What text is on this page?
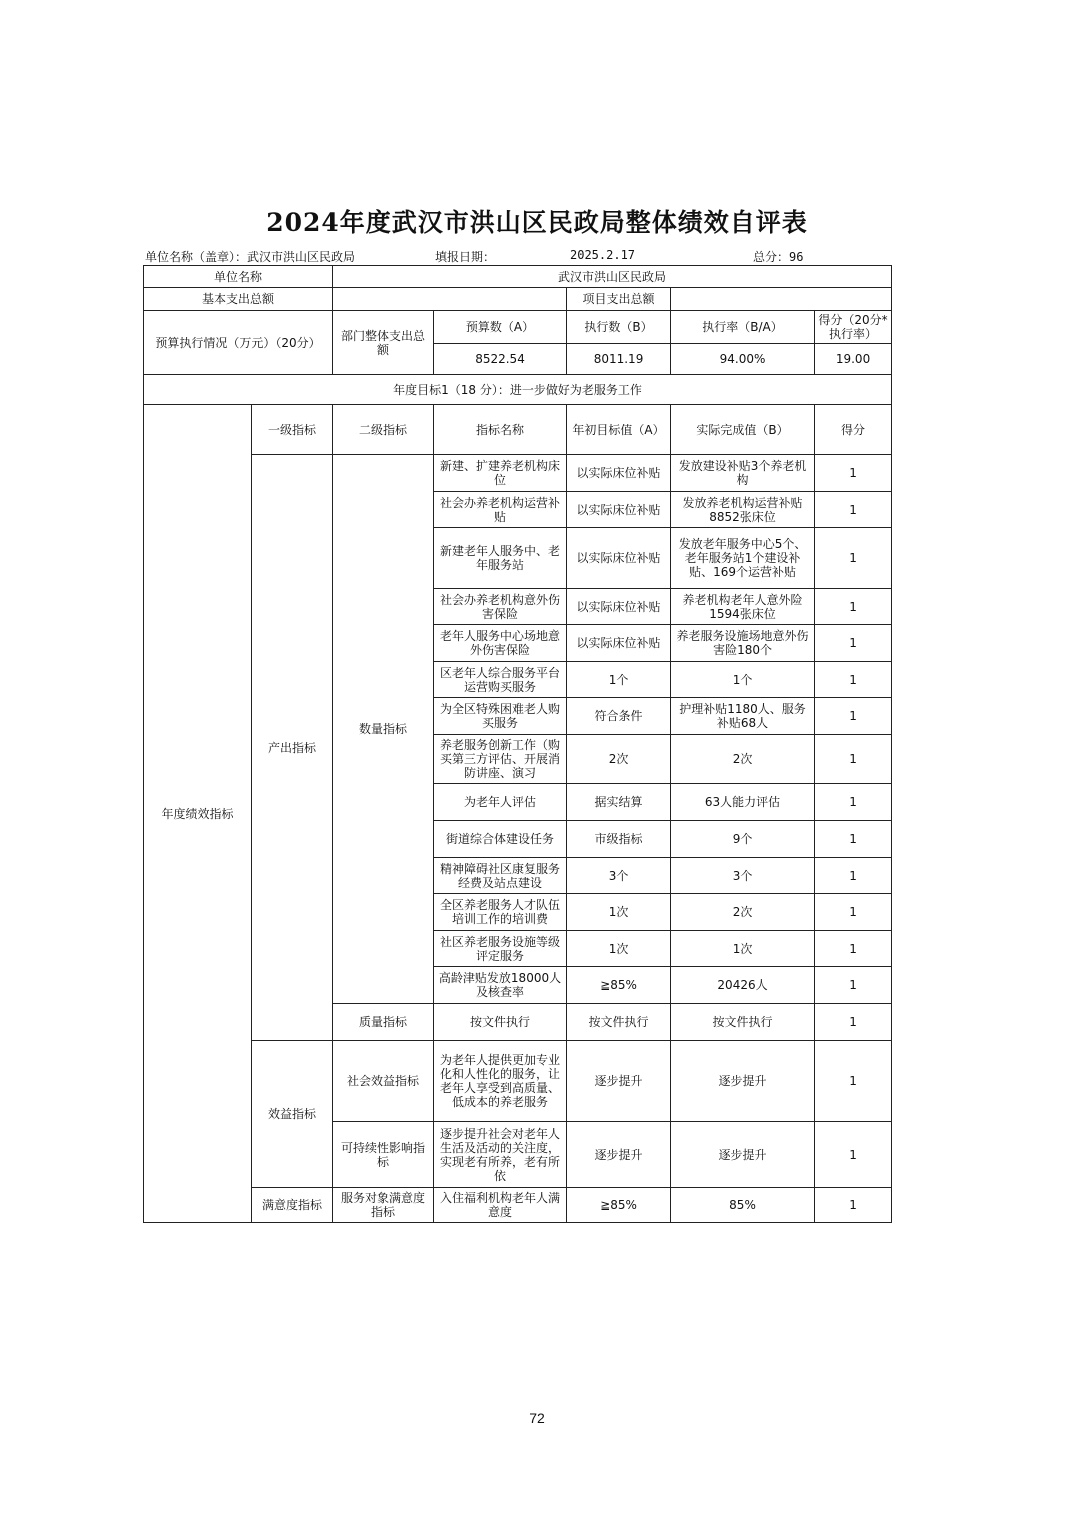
2024年度武汉市洪山区民政局整体绩效自评表
单位名称（盖章）：武汉市洪山区民政局	填报日期：	2025.2.17	总分：96
单位名称		武汉市洪山区民政局				
基本支出总额				项目支出总额		
预算执行情况（万元）（20分）		部门整体支出总额	预算数（A）	执行数（B）	执行率（B/A）	得分（20分*执行率）
			8522.54	8011.19	94.00%	19.00
年度目标1（18 分）：进一步做好为老服务工作						
年度绩效指标	一级指标	二级指标	指标名称	年初目标值（A）	实际完成值（B）	得分
	产出指标	数量指标	新建、扩建养老机构床位	以实际床位补贴	发放建设补贴3个养老机构	1
			社会办养老机构运营补贴	以实际床位补贴	发放养老机构运营补贴8852张床位	1
			新建老年人服务中、老年服务站	以实际床位补贴	发放老年服务中心5个、老年服务站1个建设补贴、169个运营补贴	1
			社会办养老机构意外伤害保险	以实际床位补贴	养老机构老年人意外险1594张床位	1
			老年人服务中心场地意外伤害保险	以实际床位补贴	养老服务设施场地意外伤害险180个	1
			区老年人综合服务平台运营购买服务	1个	1个	1
			为全区特殊困难老人购买服务	符合条件	护理补贴1180人、服务补贴68人	1
			养老服务创新工作（购买第三方评估、开展消防讲座、演习	2次	2次	1
			为老年人评估	据实结算	63人能力评估	1
			街道综合体建设任务	市级指标	9个	1
			精神障碍社区康复服务经费及站点建设	3个	3个	1
			全区养老服务人才队伍培训工作的培训费	1次	2次	1
			社区养老服务设施等级评定服务	1次	1次	1
			高龄津贴发放18000人及核查率	≧85%	20426人	1
		质量指标	按文件执行	按文件执行	按文件执行	1
	效益指标	社会效益指标	为老年人提供更加专业化和人性化的服务，让老年人享受到高质量、低成本的养老服务	逐步提升	逐步提升	1
		可持续性影响指标	逐步提升社会对老年人生活及活动的关注度，实现老有所养，老有所依	逐步提升	逐步提升	1
	满意度指标	服务对象满意度指标	入住福利机构老年人满意度	≧85%	85%	1
72
